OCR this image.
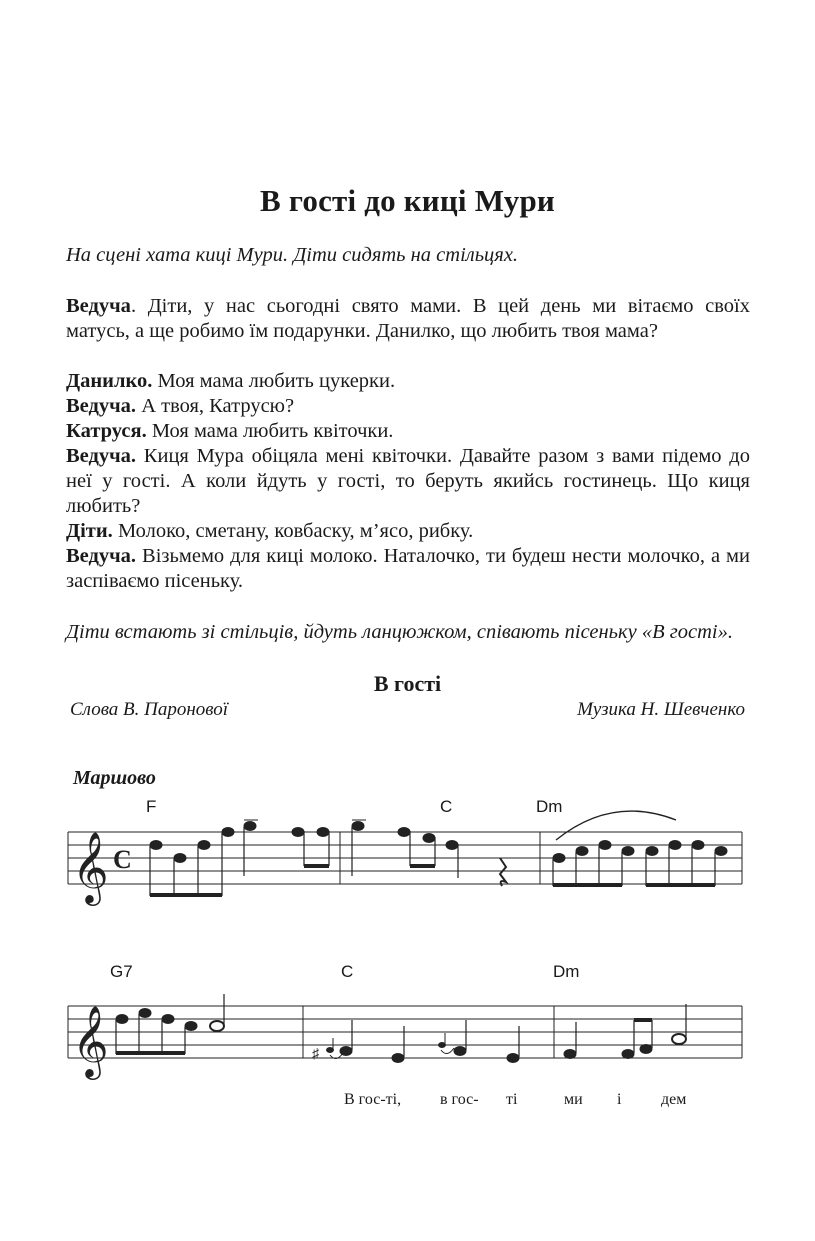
В гості до киці Мури
На сцені хата киці Мури. Діти сидять на стільцях.
Ведуча. Діти, у нас сьогодні свято мами. В цей день ми вітаємо своїх
матусь, а ще робимо їм подарунки. Данилко, що любить твоя мама?
Данилко. Моя мама любить цукерки.
Ведуча. А твоя, Катрусю?
Катруся. Моя мама любить квіточки.
Ведуча. Киця Мура обіцяла мені квіточки. Давайте разом з вами підемо до неї у гості. А коли йдуть у гості, то беруть якийсь гостинець. Що киця любить?
Діти. Молоко, сметану, ковбаску, м’ясо, рибку.
Ведуча. Візьмемо для киці молоко. Наталочко, ти будеш нести молочко, а ми заспіваємо пісеньку.
Діти встають зі стільців, йдуть ланцюжком, співають пісеньку «В гості».
В гості
Слова В. Паронової	Музика Н. Шевченко
Маршово
F	C	Dm
G7	C	Dm
𝄞 C
𝄞	♯
В гос-ті, в гос- ті	ми і дем
